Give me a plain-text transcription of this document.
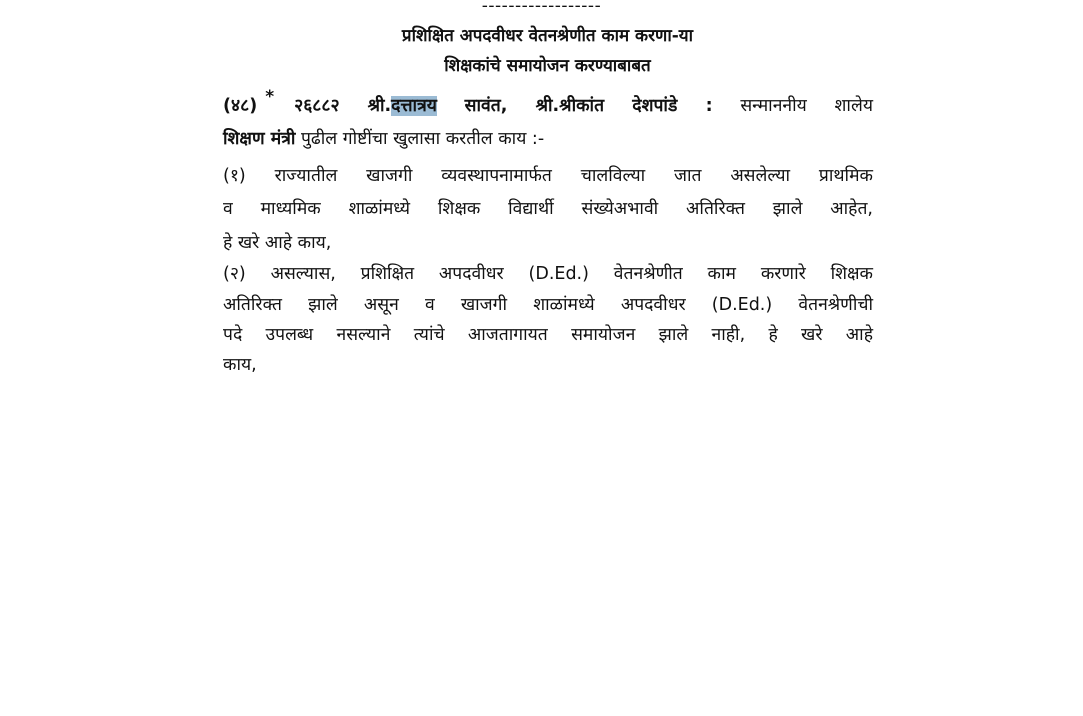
------------------
प्रशिक्षित अपदवीधर वेतनश्रेणीत काम करणा-या
शिक्षकांचे समायोजन करण्याबाबत
(४८) * २६८८२ श्री.दत्तात्रय सावंत, श्री.श्रीकांत देशपांडे : सन्माननीय शालेय
शिक्षण मंत्री पुढील गोष्टींचा खुलासा करतील काय :-
(१) राज्यातील खाजगी व्यवस्थापनामार्फत चालविल्या जात असलेल्या प्राथमिक
व माध्यमिक शाळांमध्ये शिक्षक विद्यार्थी संख्येअभावी अतिरिक्त झाले आहेत,
हे खरे आहे काय,
(२) असल्यास, प्रशिक्षित अपदवीधर (D.Ed.) वेतनश्रेणीत काम करणारे शिक्षक
अतिरिक्त झाले असून व खाजगी शाळांमध्ये अपदवीधर (D.Ed.) वेतनश्रेणीची
पदे उपलब्ध नसल्याने त्यांचे आजतागायत समायोजन झाले नाही, हे खरे आहे
काय,
